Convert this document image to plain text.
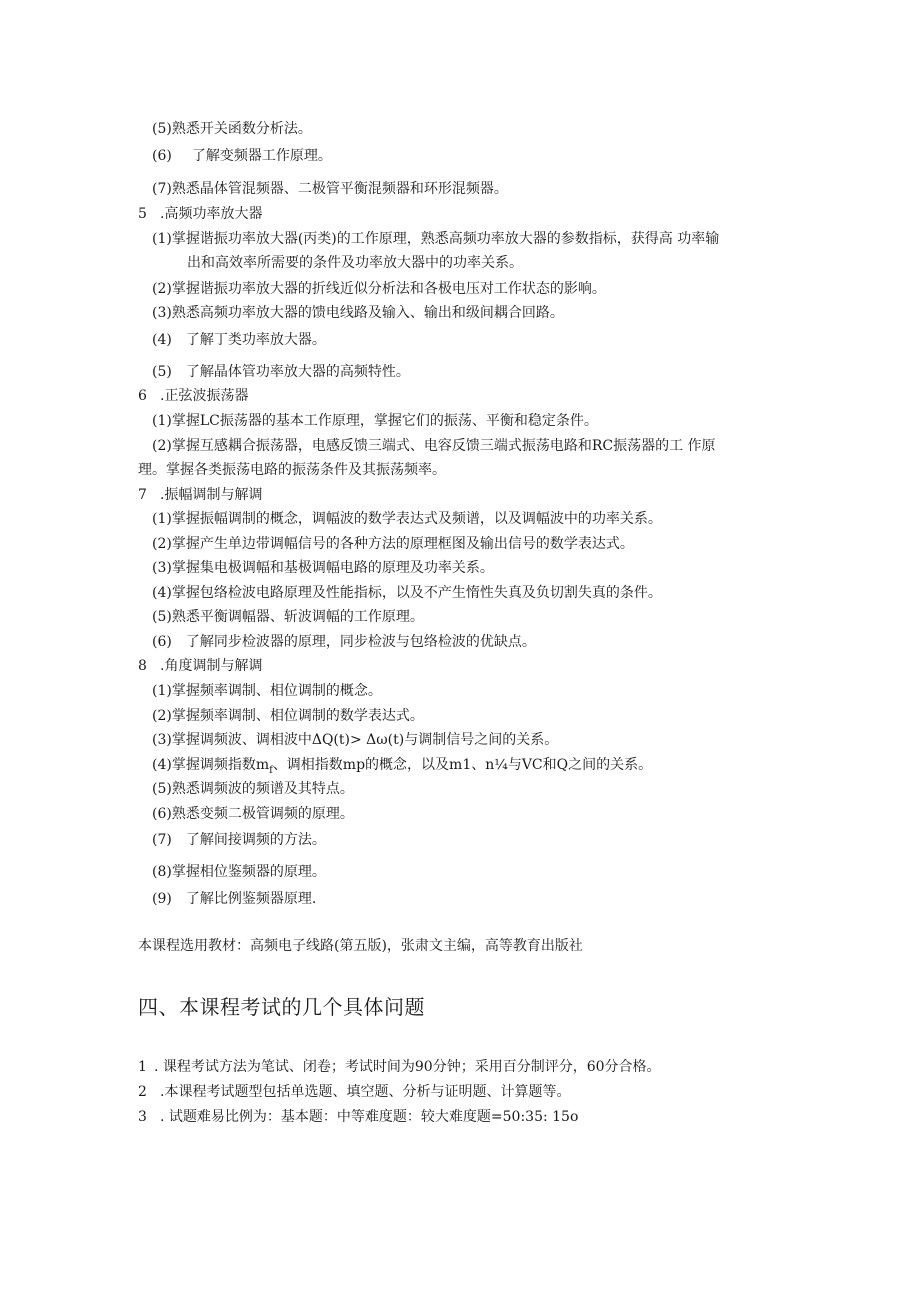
(5)熟悉开关函数分析法。
(6) 了解变频器工作原理。
(7)熟悉晶体管混频器、二极管平衡混频器和环形混频器。
5 .高频功率放大器
(1)掌握谐振功率放大器(丙类)的工作原理，熟悉高频功率放大器的参数指标，获得高 功率输
出和高效率所需要的条件及功率放大器中的功率关系。
(2)掌握谐振功率放大器的折线近似分析法和各极电压对工作状态的影响。
(3)熟悉高频功率放大器的馈电线路及输入、输出和级间耦合回路。
(4) 了解丁类功率放大器。
(5) 了解晶体管功率放大器的高频特性。
6 .正弦波振荡器
(1)掌握LC振荡器的基本工作原理，掌握它们的振荡、平衡和稳定条件。
(2)掌握互感耦合振荡器，电感反馈三端式、电容反馈三端式振荡电路和RC振荡器的工 作原
理。掌握各类振荡电路的振荡条件及其振荡频率。
7 .振幅调制与解调
(1)掌握振幅调制的概念，调幅波的数学表达式及频谱，以及调幅波中的功率关系。
(2)掌握产生单边带调幅信号的各种方法的原理框图及输出信号的数学表达式。
(3)掌握集电极调幅和基极调幅电路的原理及功率关系。
(4)掌握包络检波电路原理及性能指标，以及不产生惰性失真及负切割失真的条件。
(5)熟悉平衡调幅器、斩波调幅的工作原理。
(6) 了解同步检波器的原理，同步检波与包络检波的优缺点。
8 .角度调制与解调
(1)掌握频率调制、相位调制的概念。
(2)掌握频率调制、相位调制的数学表达式。
(3)掌握调频波、调相波中ΔQ(t)> Δω(t)与调制信号之间的关系。
(4)掌握调频指数$m_f$、调相指数mp的概念，以及m1、n¼与VC和Q之间的关系。
(5)熟悉调频波的频谱及其特点。
(6)熟悉变频二极管调频的原理。
(7) 了解间接调频的方法。
(8)掌握相位鉴频器的原理。
(9) 了解比例鉴频器原理.
本课程选用教材：高频电子线路(第五版)，张肃文主编，高等教育出版社
四、本课程考试的几个具体问题
1 . 课程考试方法为笔试、闭卷；考试时间为90分钟；采用百分制评分，60分合格。
2 .本课程考试题型包括单选题、填空题、分析与证明题、计算题等。
3 . 试题难易比例为：基本题：中等难度题：较大难度题=50:35: 15o
